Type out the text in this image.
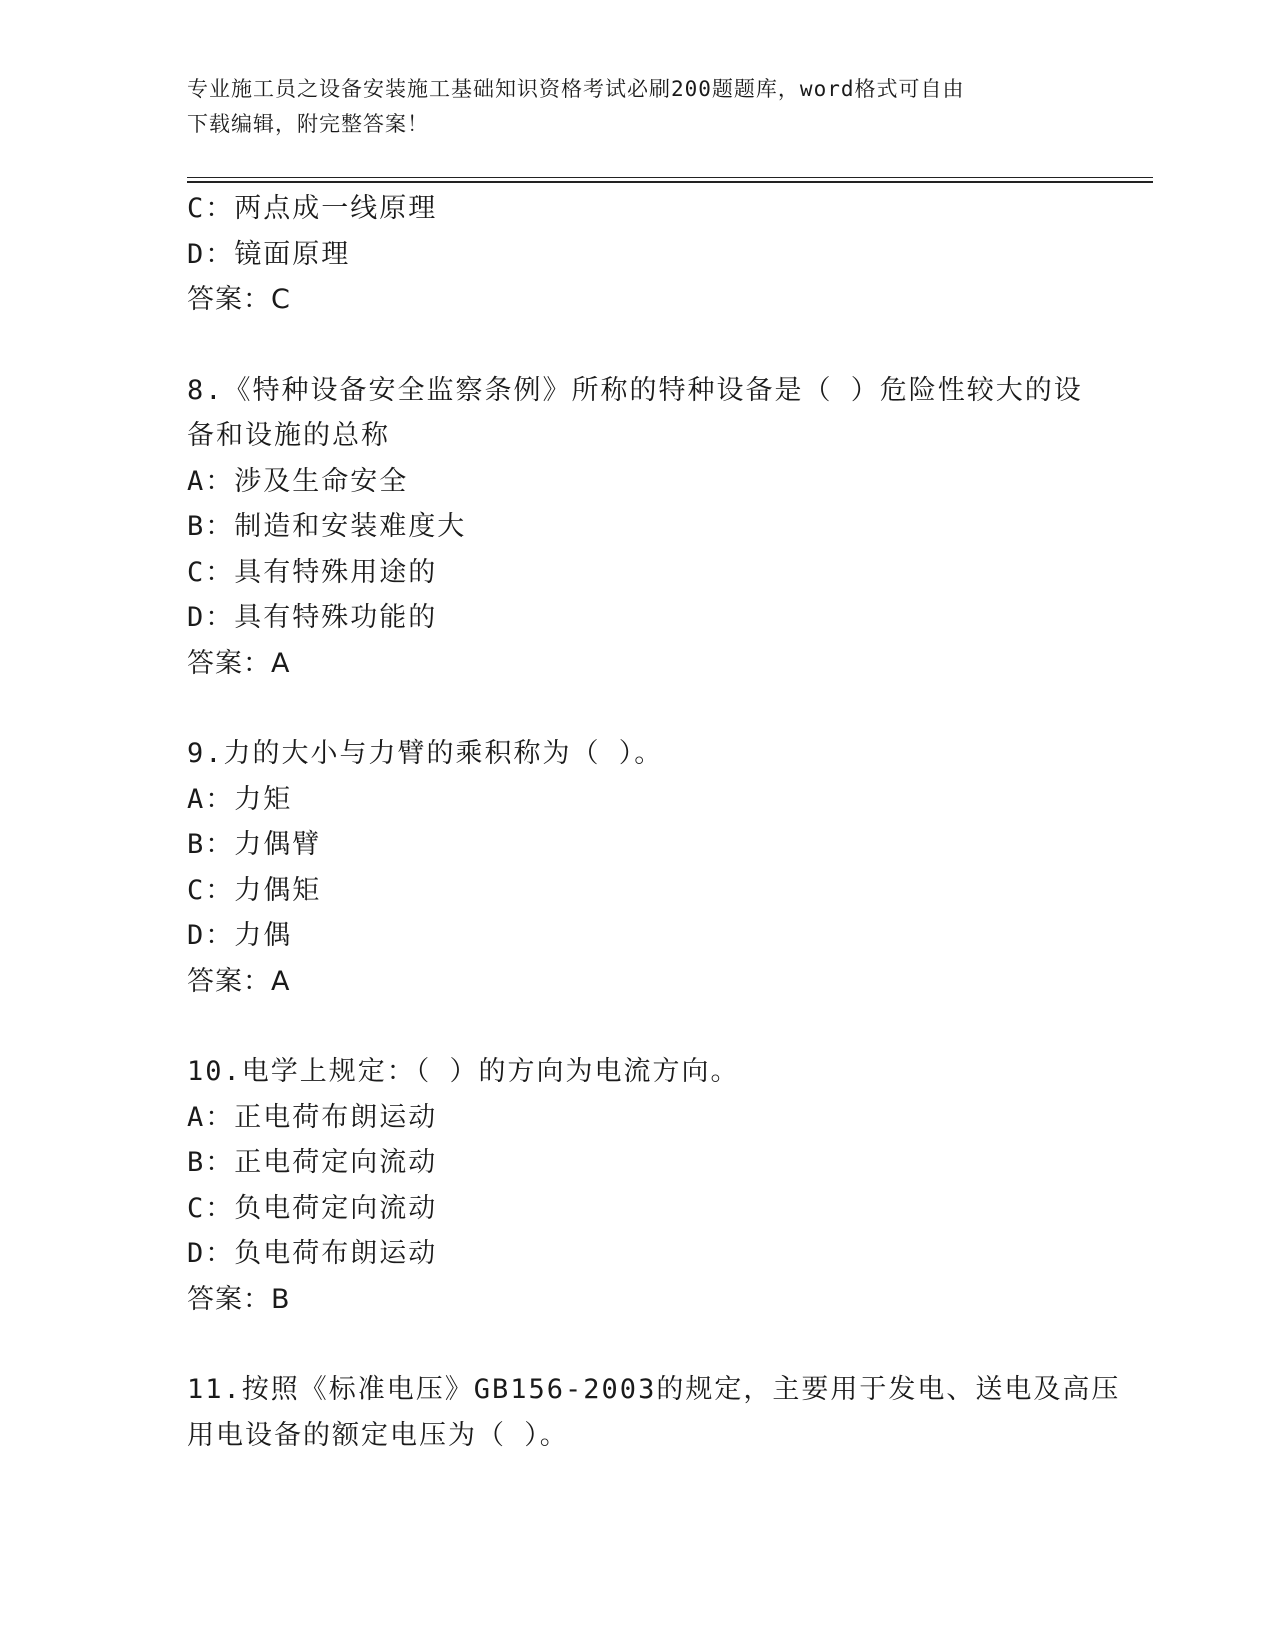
专业施工员之设备安装施工基础知识资格考试必刷200题题库，word格式可自由
下载编辑，附完整答案！
C：两点成一线原理
D：镜面原理
答案：C
8.《特种设备安全监察条例》所称的特种设备是（ ）危险性较大的设
备和设施的总称
A：涉及生命安全
B：制造和安装难度大
C：具有特殊用途的
D：具有特殊功能的
答案：A
9.力的大小与力臂的乘积称为（ ）。
A：力矩
B：力偶臂
C：力偶矩
D：力偶
答案：A
10.电学上规定：（ ）的方向为电流方向。
A：正电荷布朗运动
B：正电荷定向流动
C：负电荷定向流动
D：负电荷布朗运动
答案：B
11.按照《标准电压》GB156-2003的规定，主要用于发电、送电及高压
用电设备的额定电压为（ ）。
